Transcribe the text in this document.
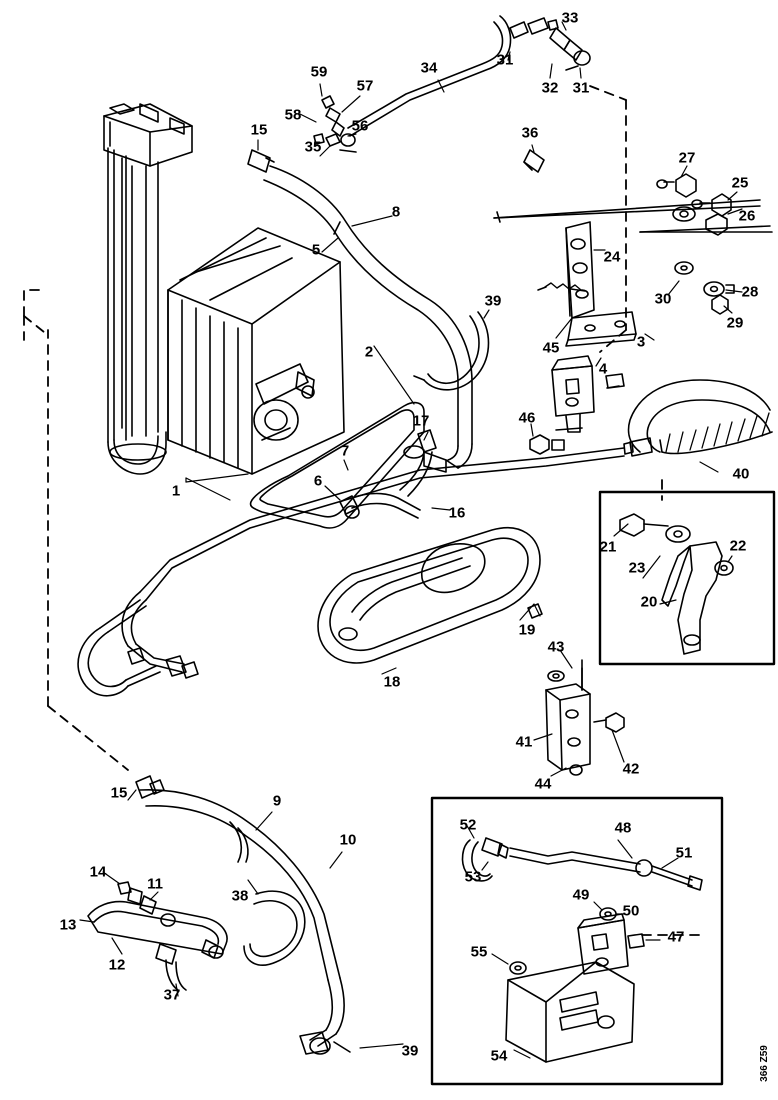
33
31
32 31
34
59
57
58
56	36
35
15
27
25
26
8
5	24
30	28
29
39
45	3
2
4
46
40
17
7
6
1
16
21	22
23
20
19
18
43
41
44
42
15	9
52	48
51
53
49
50
10
14
11
38
47
55
13
12
37
54
39	366 Z59
